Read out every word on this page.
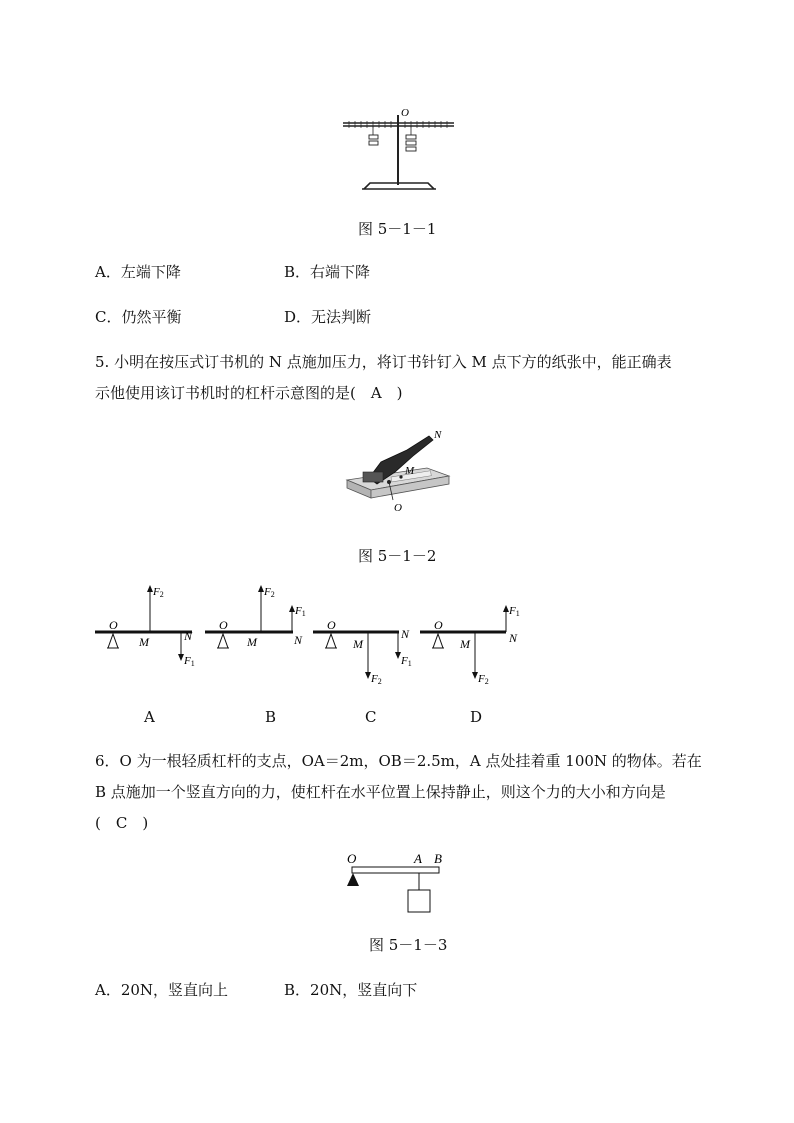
O
图 5－1－1
A．左端下降	B．右端下降
C．仍然平衡	D．无法判断
5. 小明在按压式订书机的 N 点施加压力，将订书针钉入 M 点下方的纸张中，能正确表
示他使用该订书机时的杠杆示意图的是(　A　)
N
M
O
图 5－1－2
O
M	N
F2
F1
O
M	N
F2
F1
O
M
N
F1
F2
O
M	N
F1
F2
A	B	C	D
6．O 为一根轻质杠杆的支点，OA＝2m，OB＝2.5m，A 点处挂着重 100N 的物体。若在
B 点施加一个竖直方向的力，使杠杆在水平位置上保持静止，则这个力的大小和方向是
(　C　)
O	A B
图 5－1－3
A．20N，竖直向上	B．20N，竖直向下
